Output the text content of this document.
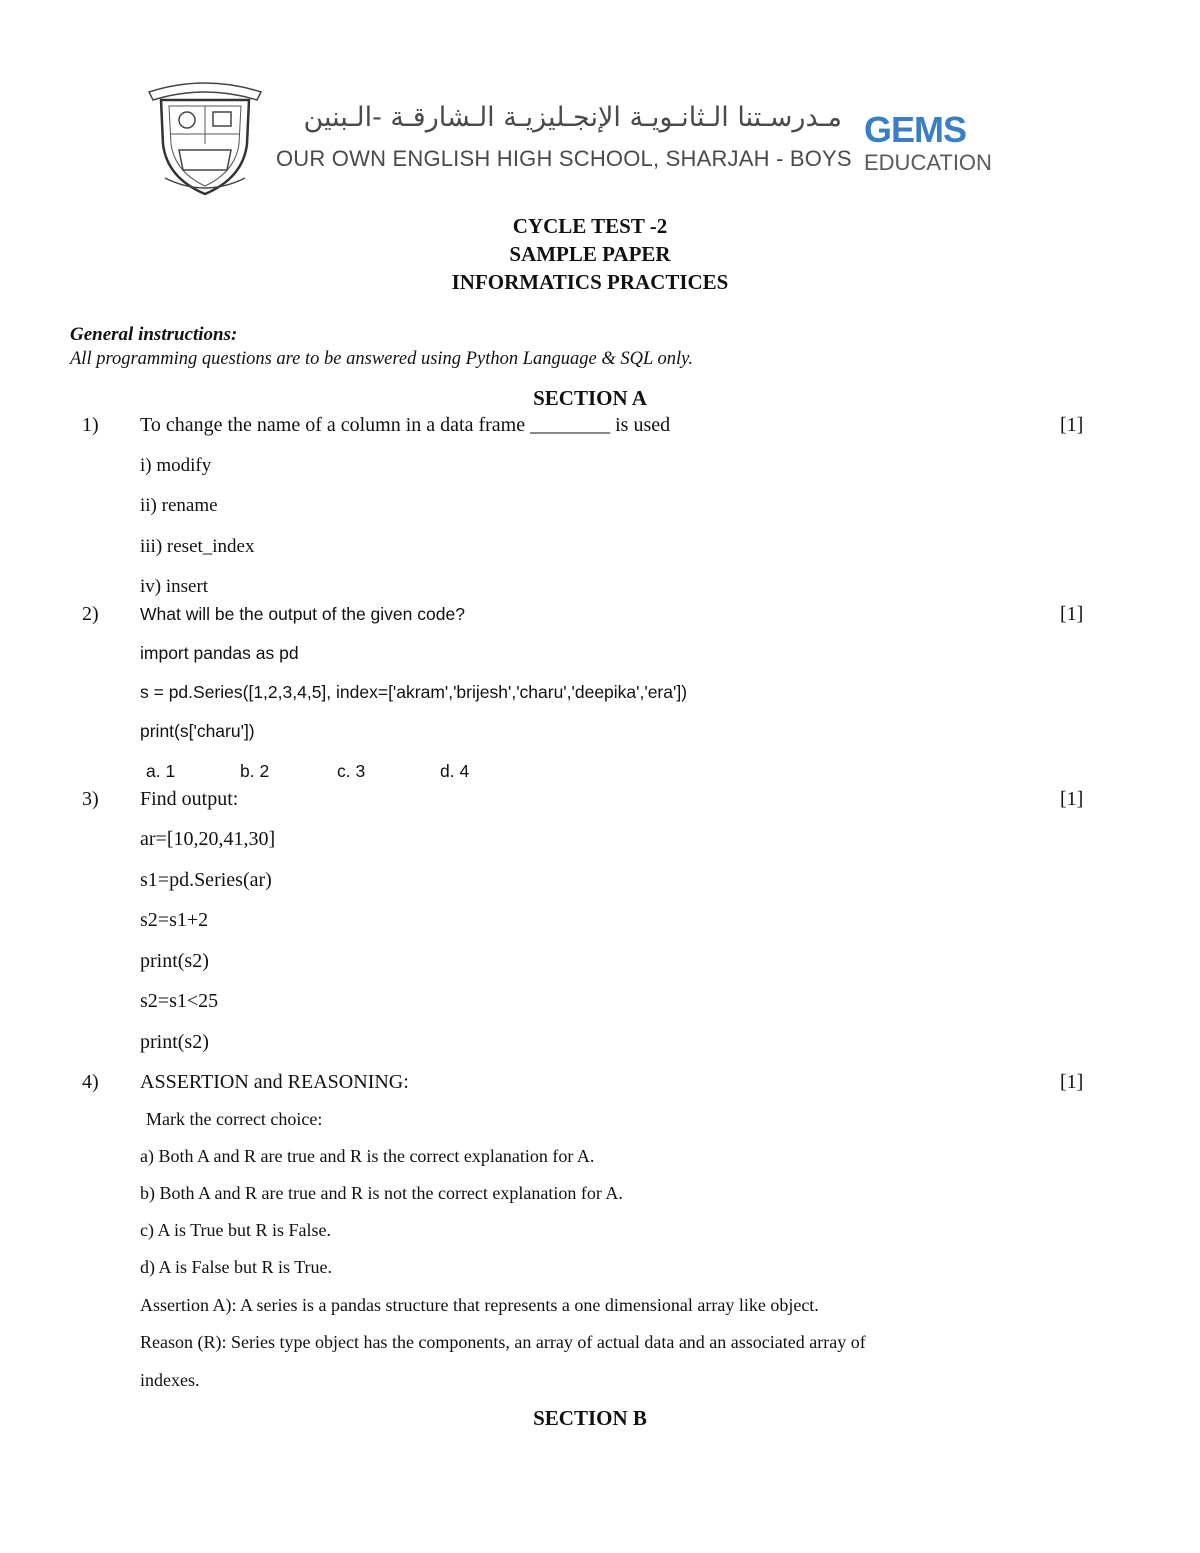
مـدرسـتنا الـثانـويـة الإنجـليزيـة الـشارقـة -الـبنين
OUR OWN ENGLISH HIGH SCHOOL, SHARJAH - BOYS
GEMS
EDUCATION
CYCLE TEST -2
SAMPLE PAPER
INFORMATICS PRACTICES
General instructions:
All programming questions are to be answered using Python Language & SQL only.
SECTION A
1) To change the name of a column in a data frame ________ is used	[1]
i) modify
ii) rename
iii) reset_index
iv) insert
2) What will be the output of the given code?	[1]
import pandas as pd
s = pd.Series([1,2,3,4,5], index=['akram','brijesh','charu','deepika','era'])
print(s['charu'])
a. 1	b. 2	c. 3	d. 4
3) Find output:	[1]
ar=[10,20,41,30]
s1=pd.Series(ar)
s2=s1+2
print(s2)
s2=s1<25
print(s2)
4) ASSERTION and REASONING:	[1]
Mark the correct choice:
a) Both A and R are true and R is the correct explanation for A.
b) Both A and R are true and R is not the correct explanation for A.
c) A is True but R is False.
d) A is False but R is True.
Assertion A): A series is a pandas structure that represents a one dimensional array like object.
Reason (R): Series type object has the components, an array of actual data and an associated array of
indexes.
SECTION B
